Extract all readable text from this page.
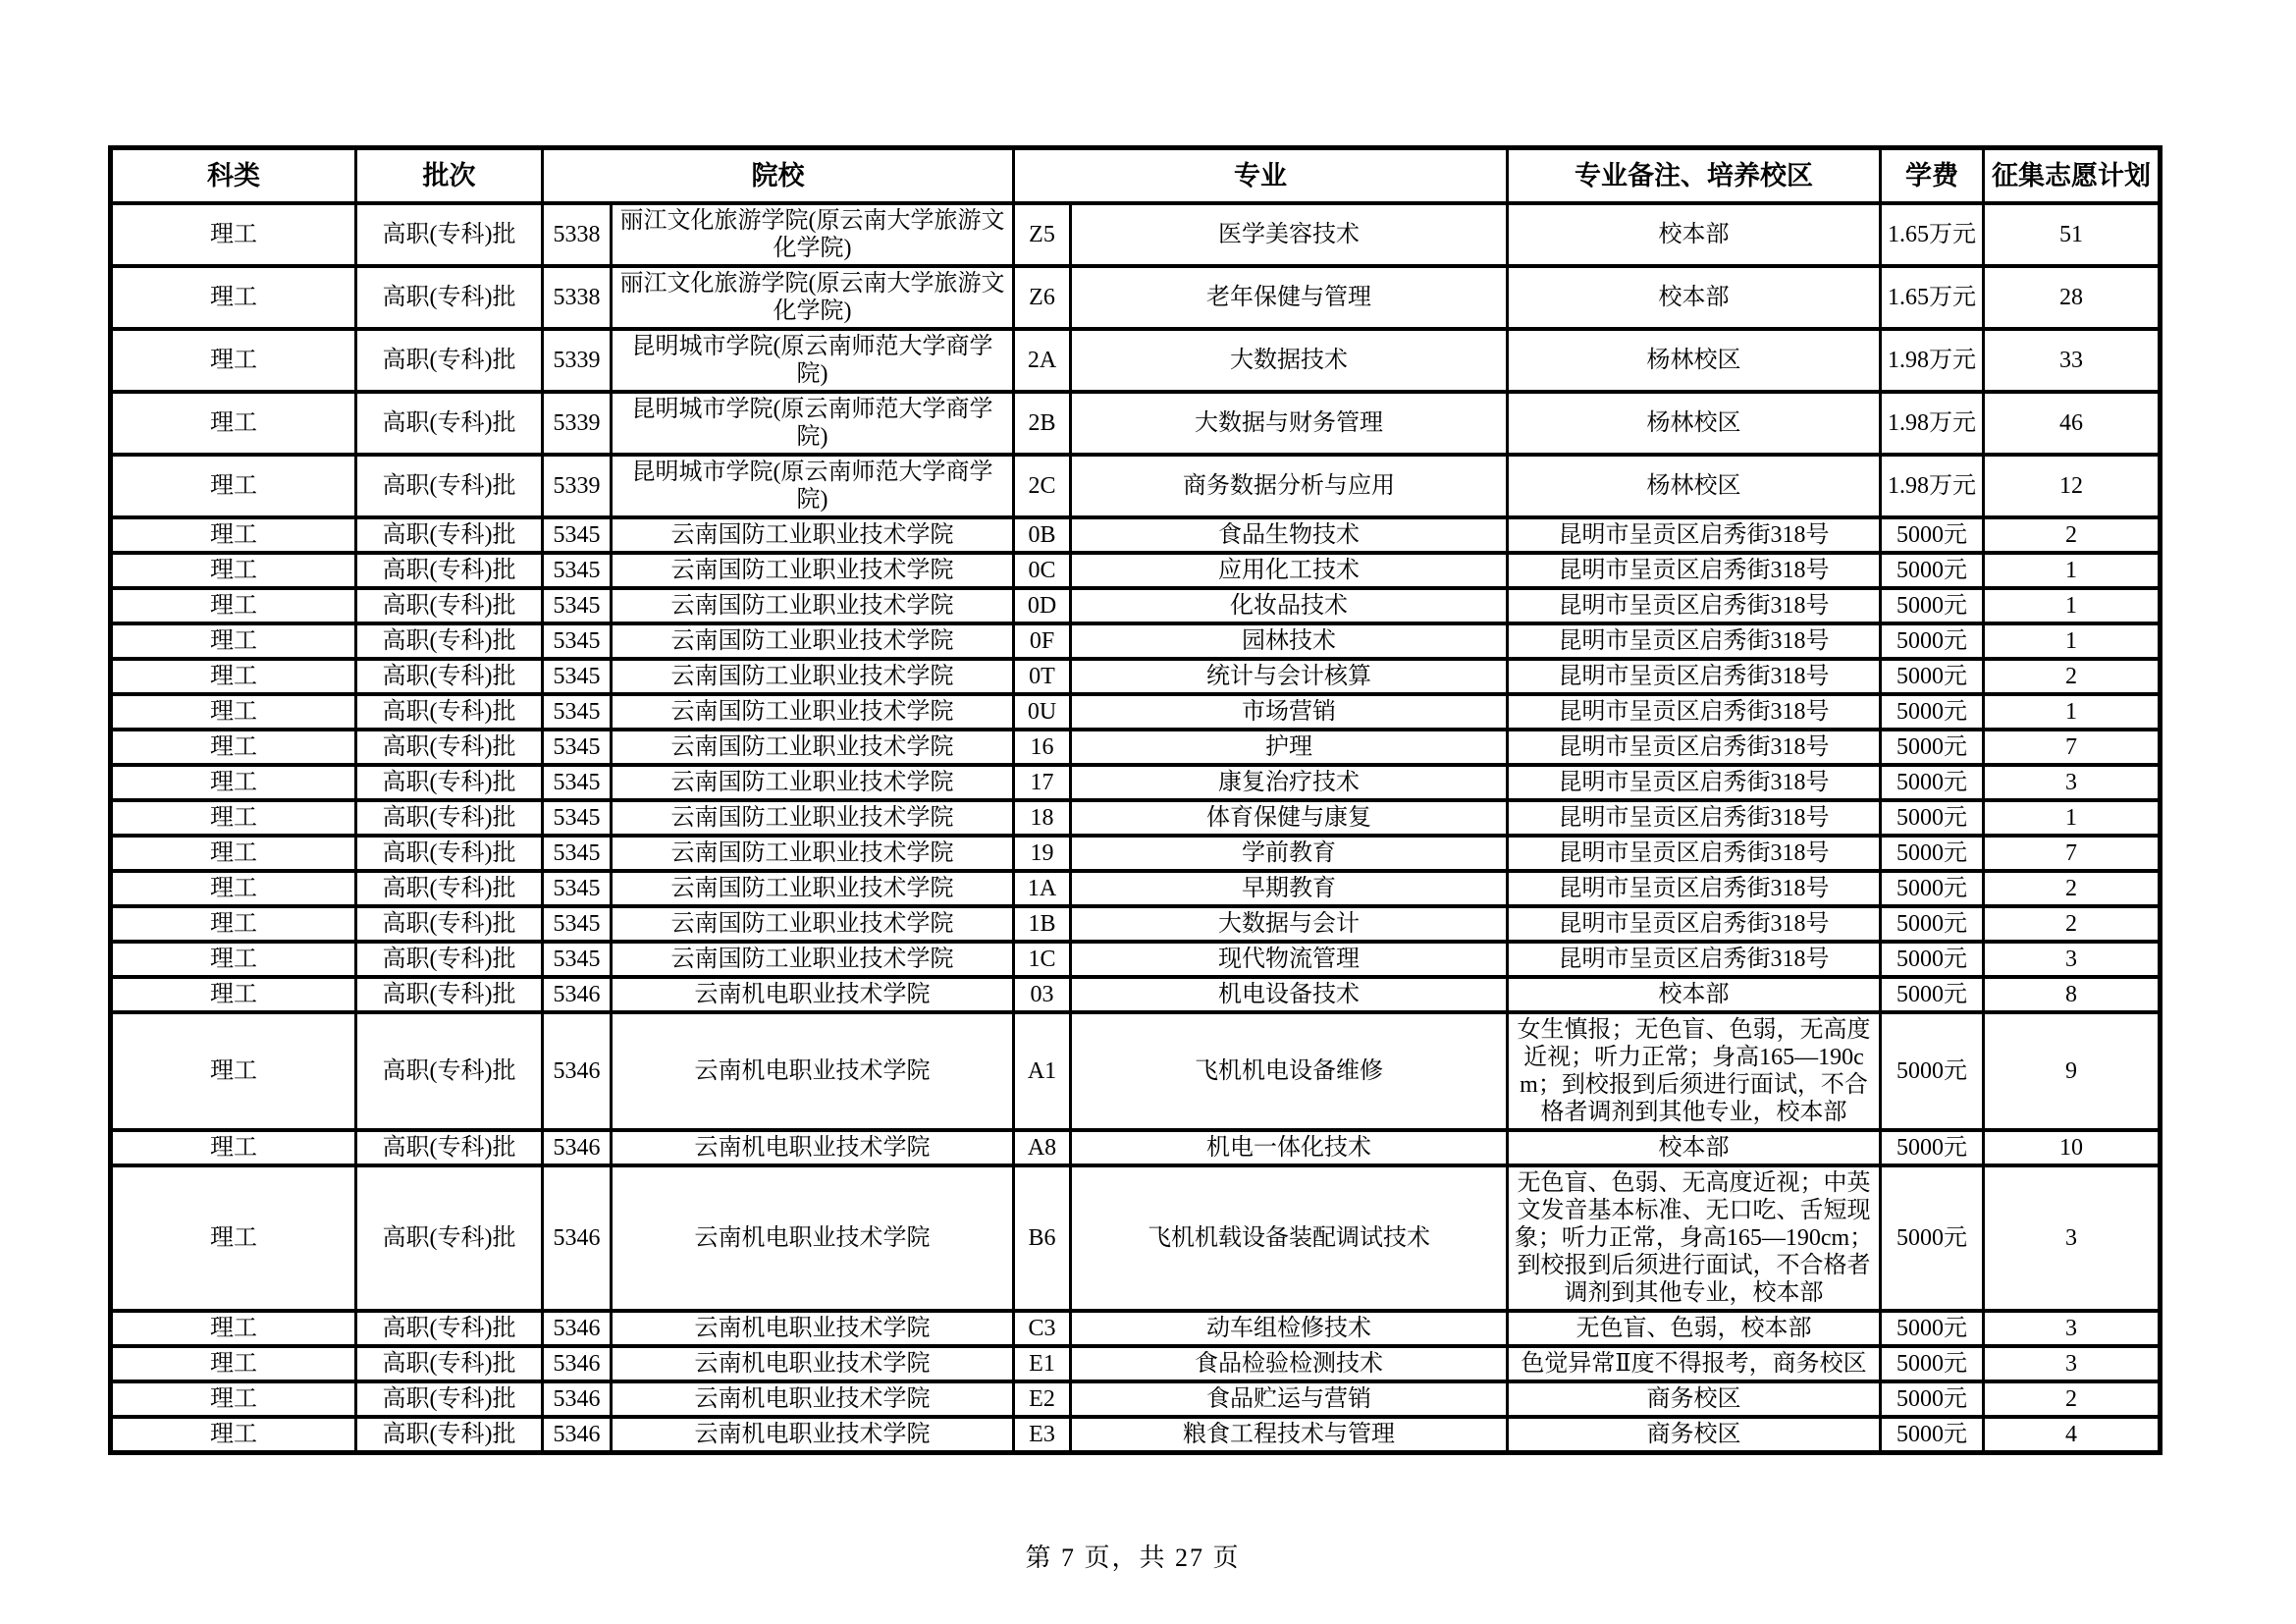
科类	批次	院校		专业		专业备注、培养校区	学费	征集志愿计划
理工	高职(专科)批	5338	丽江文化旅游学院(原云南大学旅游文化学院)	Z5	医学美容技术	校本部	1.65万元	51
理工	高职(专科)批	5338	丽江文化旅游学院(原云南大学旅游文化学院)	Z6	老年保健与管理	校本部	1.65万元	28
理工	高职(专科)批	5339	昆明城市学院(原云南师范大学商学院)	2A	大数据技术	杨林校区	1.98万元	33
理工	高职(专科)批	5339	昆明城市学院(原云南师范大学商学院)	2B	大数据与财务管理	杨林校区	1.98万元	46
理工	高职(专科)批	5339	昆明城市学院(原云南师范大学商学院)	2C	商务数据分析与应用	杨林校区	1.98万元	12
理工	高职(专科)批	5345	云南国防工业职业技术学院	0B	食品生物技术	昆明市呈贡区启秀街318号	5000元	2
理工	高职(专科)批	5345	云南国防工业职业技术学院	0C	应用化工技术	昆明市呈贡区启秀街318号	5000元	1
理工	高职(专科)批	5345	云南国防工业职业技术学院	0D	化妆品技术	昆明市呈贡区启秀街318号	5000元	1
理工	高职(专科)批	5345	云南国防工业职业技术学院	0F	园林技术	昆明市呈贡区启秀街318号	5000元	1
理工	高职(专科)批	5345	云南国防工业职业技术学院	0T	统计与会计核算	昆明市呈贡区启秀街318号	5000元	2
理工	高职(专科)批	5345	云南国防工业职业技术学院	0U	市场营销	昆明市呈贡区启秀街318号	5000元	1
理工	高职(专科)批	5345	云南国防工业职业技术学院	16	护理	昆明市呈贡区启秀街318号	5000元	7
理工	高职(专科)批	5345	云南国防工业职业技术学院	17	康复治疗技术	昆明市呈贡区启秀街318号	5000元	3
理工	高职(专科)批	5345	云南国防工业职业技术学院	18	体育保健与康复	昆明市呈贡区启秀街318号	5000元	1
理工	高职(专科)批	5345	云南国防工业职业技术学院	19	学前教育	昆明市呈贡区启秀街318号	5000元	7
理工	高职(专科)批	5345	云南国防工业职业技术学院	1A	早期教育	昆明市呈贡区启秀街318号	5000元	2
理工	高职(专科)批	5345	云南国防工业职业技术学院	1B	大数据与会计	昆明市呈贡区启秀街318号	5000元	2
理工	高职(专科)批	5345	云南国防工业职业技术学院	1C	现代物流管理	昆明市呈贡区启秀街318号	5000元	3
理工	高职(专科)批	5346	云南机电职业技术学院	03	机电设备技术	校本部	5000元	8
理工	高职(专科)批	5346	云南机电职业技术学院	A1	飞机机电设备维修	女生慎报；无色盲、色弱，无高度近视；听力正常；身高165—190cm；到校报到后须进行面试，不合格者调剂到其他专业，校本部	5000元	9
理工	高职(专科)批	5346	云南机电职业技术学院	A8	机电一体化技术	校本部	5000元	10
理工	高职(专科)批	5346	云南机电职业技术学院	B6	飞机机载设备装配调试技术	无色盲、色弱、无高度近视；中英文发音基本标准、无口吃、舌短现象；听力正常，身高165—190cm；到校报到后须进行面试，不合格者调剂到其他专业，校本部	5000元	3
理工	高职(专科)批	5346	云南机电职业技术学院	C3	动车组检修技术	无色盲、色弱，校本部	5000元	3
理工	高职(专科)批	5346	云南机电职业技术学院	E1	食品检验检测技术	色觉异常Ⅱ度不得报考，商务校区	5000元	3
理工	高职(专科)批	5346	云南机电职业技术学院	E2	食品贮运与营销	商务校区	5000元	2
理工	高职(专科)批	5346	云南机电职业技术学院	E3	粮食工程技术与管理	商务校区	5000元	4
第 7 页，共 27 页
